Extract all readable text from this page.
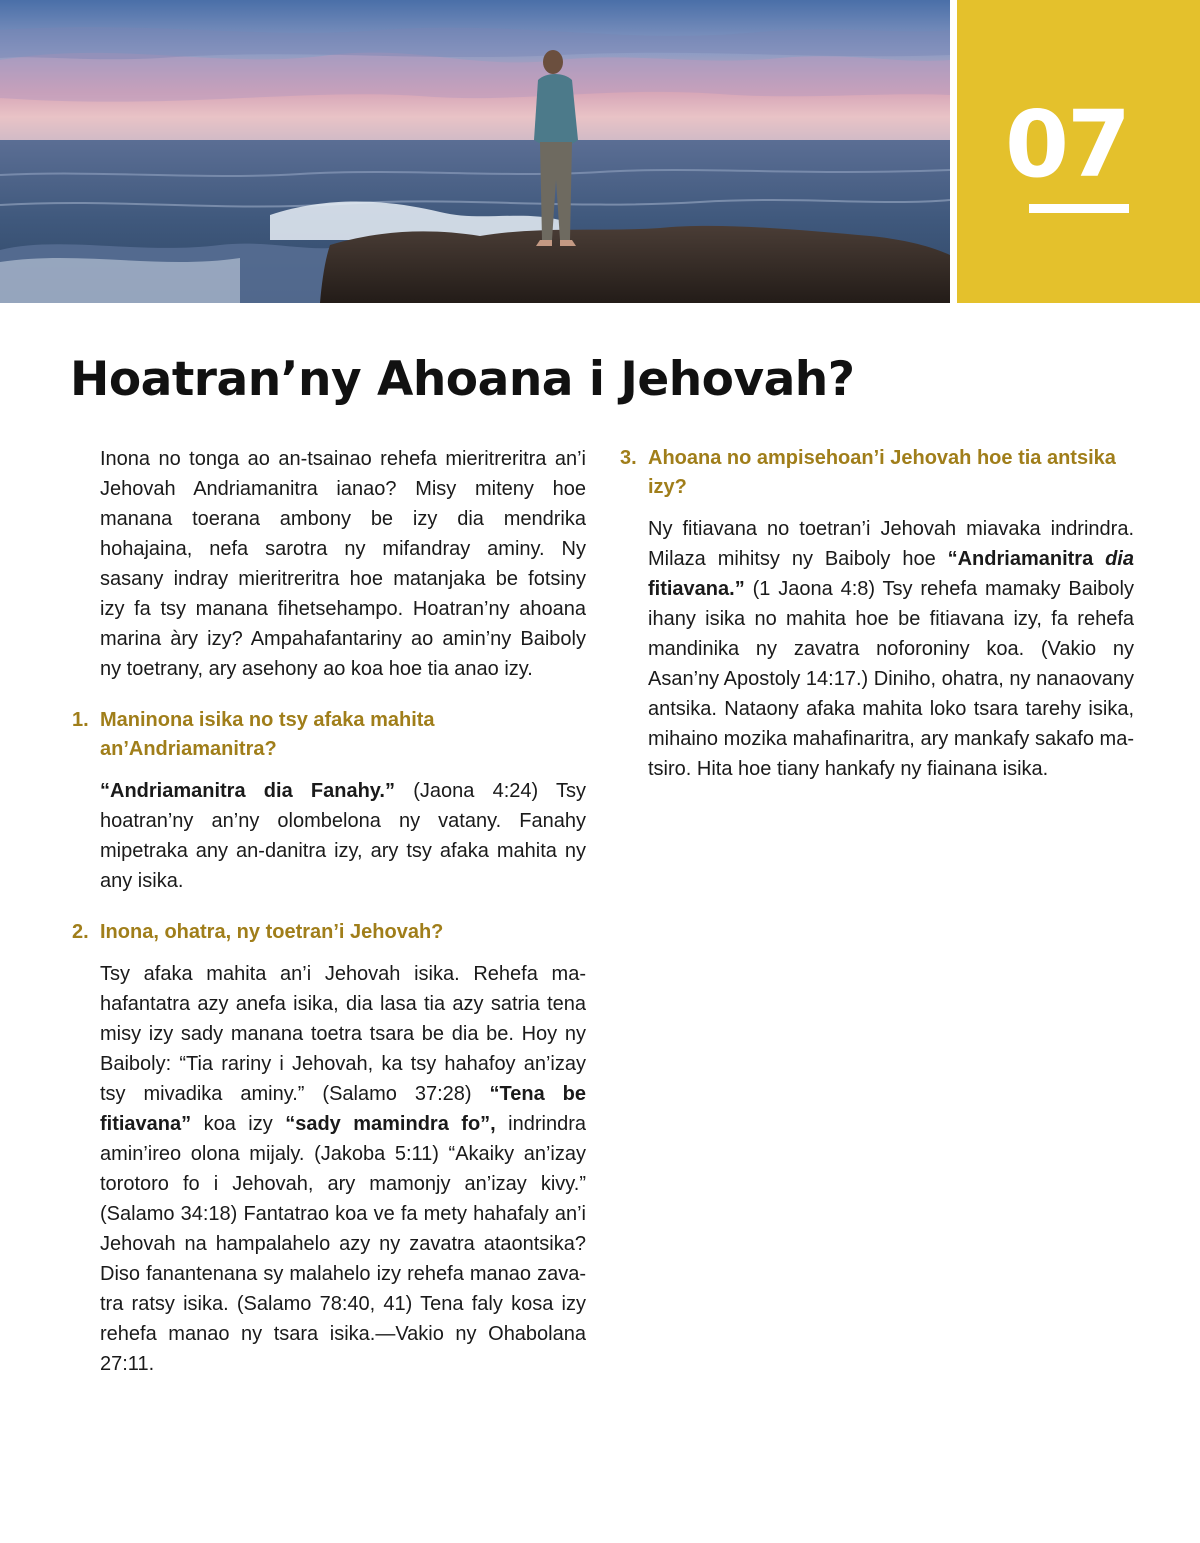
07
Hoatran’ny Ahoana i Jehovah?

Inona no tonga ao an-tsainao rehefa mieritreritra an’i Jehovah Andriamanitra ianao? Misy miteny hoe manana toerana ambony be izy dia mendrika hohajaina, nefa sarotra ny mifandray aminy. Ny sasany indray mieritreritra hoe matanjaka be fotsiny izy fa tsy manana fihetsehampo. Hoatran’ny ahoana marina àry izy? Ampahafantariny ao amin’ny Baiboly ny toetrany, ary asehony ao koa hoe tia anao izy.

1. Maninona isika no tsy afaka mahita an’Andriamanitra?

“Andriamanitra dia Fanahy.” (Jaona 4:24) Tsy hoatran’ny an’ny olombelona ny vatany. Fanahy mipetraka any an-danitra izy, ary tsy afaka mahita ny any isika.

2. Inona, ohatra, ny toetran’i Jehovah?

Tsy afaka mahita an’i Jehovah isika. Rehefa mahafantatra azy anefa isika, dia lasa tia azy satria tena misy izy sady manana toetra tsara be dia be. Hoy ny Baiboly: “Tia rariny i Jehovah, ka tsy hahafoy an’izay tsy mivadika aminy.” (Salamo 37:28) “Tena be fitiavana” koa izy “sady mamindra fo”, indrindra amin’ireo olona mijaly. (Jakoba 5:11) “Akaiky an’izay torotoro fo i Jehovah, ary mamonjy an’izay kivy.” (Salamo 34:18) Fantatrao koa ve fa mety hahafaly an’i Jehovah na hampalahelo azy ny zavatra ataontsika? Diso fanantenana sy malahelo izy rehefa manao zavatra ratsy isika. (Salamo 78:40, 41) Tena faly kosa izy rehefa manao ny tsara isika.—Vakio ny Ohabolana 27:11.

3. Ahoana no ampisehoan’i Jehovah hoe tia antsika izy?

Ny fitiavana no toetran’i Jehovah miavaka indrindra. Milaza mihitsy ny Baiboly hoe “Andriamanitra dia fitiavana.” (1 Jaona 4:8) Tsy rehefa mamaky Baiboly ihany isika no mahita hoe be fitiavana izy, fa rehefa mandinika ny zavatra noforoniny koa. (Vakio ny Asan’ny Apostoly 14:17.) Diniho, ohatra, ny nanaovany antsika. Nataony afaka mahita loko tsara tarehy isika, mihaino mozika mahafinaritra, ary mankafy sakafo matsiro. Hita hoe tiany hankafy ny fiainana isika.
